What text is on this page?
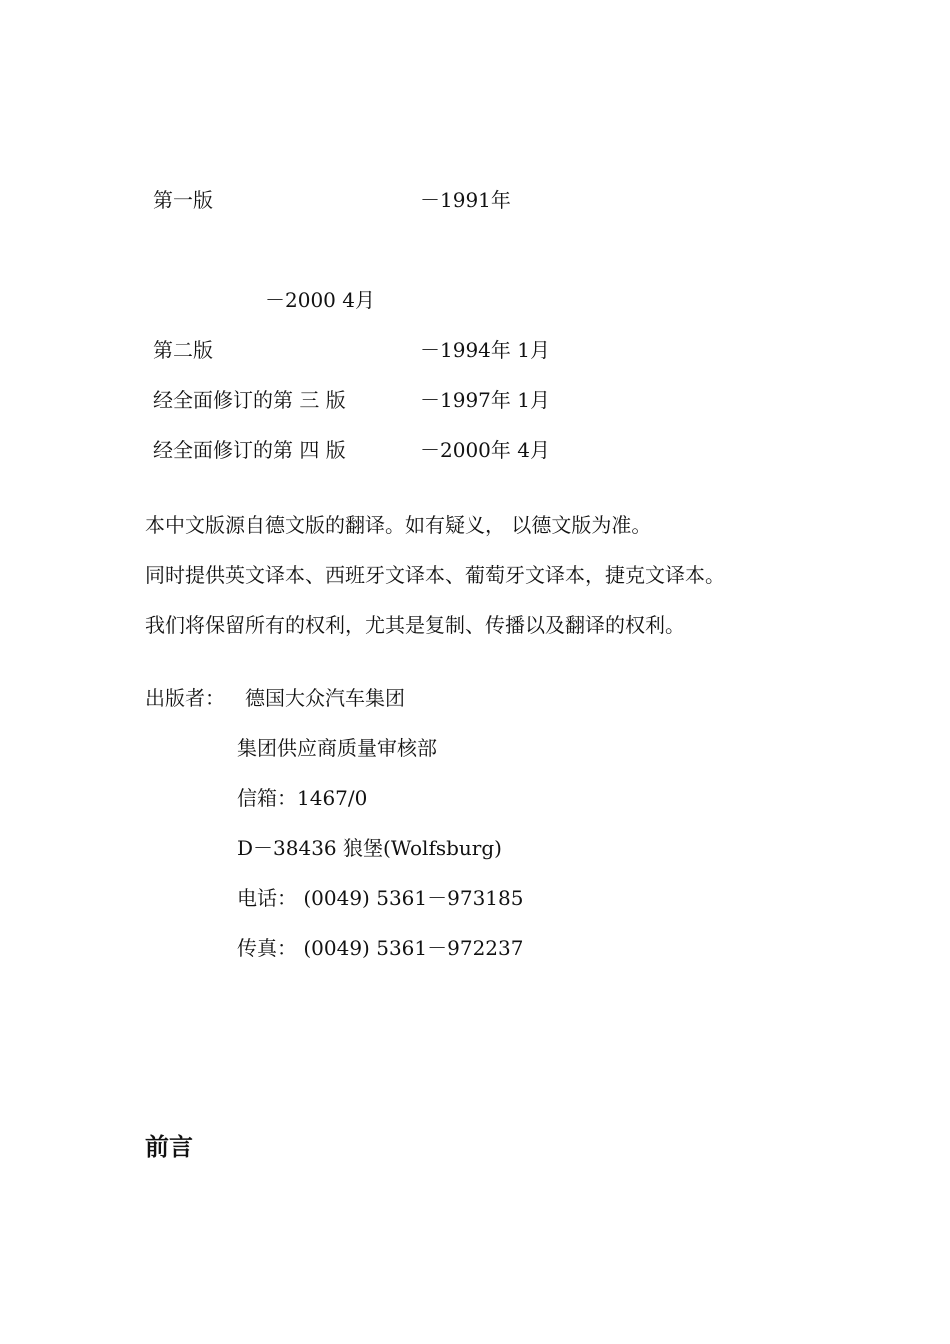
第一版	－1991年

－2000 4月

第二版	－1994年 1月

经全面修订的第 三 版	－1997年 1月

经全面修订的第 四 版	－2000年 4月

本中文版源自德文版的翻译。如有疑义， 以德文版为准。

同时提供英文译本、西班牙文译本、葡萄牙文译本，捷克文译本。

我们将保留所有的权利，尤其是复制、传播以及翻译的权利。

出版者： 德国大众汽车集团

集团供应商质量审核部

信箱：1467/0

D－38436 狼堡(Wolfsburg)

电话： (0049) 5361－973185

传真： (0049) 5361－972237

前言
